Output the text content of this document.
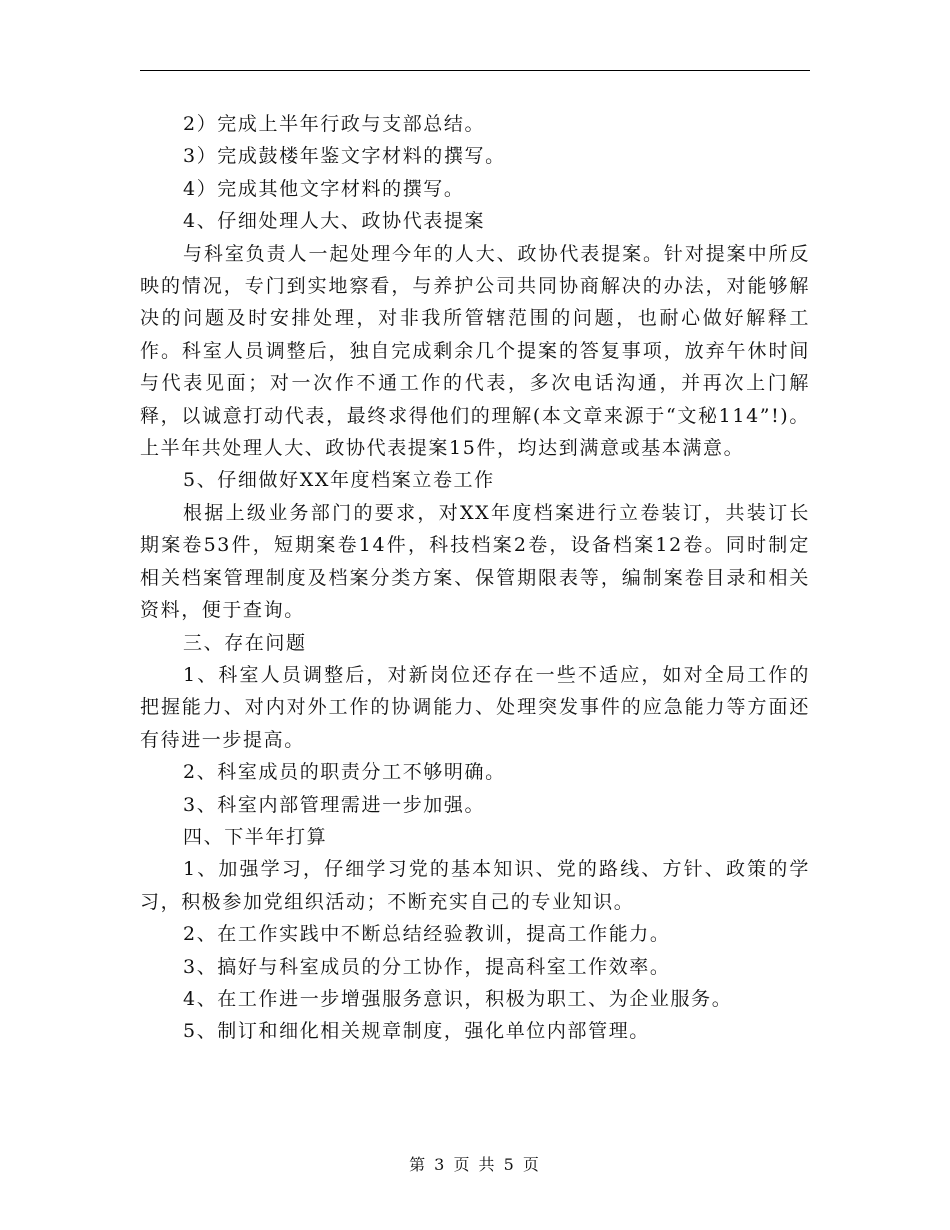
2）完成上半年行政与支部总结。

3）完成鼓楼年鉴文字材料的撰写。

4）完成其他文字材料的撰写。

4、仔细处理人大、政协代表提案

与科室负责人一起处理今年的人大、政协代表提案。针对提案中所反映的情况，专门到实地察看，与养护公司共同协商解决的办法，对能够解决的问题及时安排处理，对非我所管辖范围的问题，也耐心做好解释工作。科室人员调整后，独自完成剩余几个提案的答复事项，放弃午休时间与代表见面；对一次作不通工作的代表，多次电话沟通，并再次上门解释，以诚意打动代表，最终求得他们的理解(本文章来源于“文秘114”!)。上半年共处理人大、政协代表提案15件，均达到满意或基本满意。

5、仔细做好XX年度档案立卷工作

根据上级业务部门的要求，对XX年度档案进行立卷装订，共装订长期案卷53件，短期案卷14件，科技档案2卷，设备档案12卷。同时制定相关档案管理制度及档案分类方案、保管期限表等，编制案卷目录和相关资料，便于查询。

三、存在问题

1、科室人员调整后，对新岗位还存在一些不适应，如对全局工作的把握能力、对内对外工作的协调能力、处理突发事件的应急能力等方面还有待进一步提高。

2、科室成员的职责分工不够明确。

3、科室内部管理需进一步加强。

四、下半年打算

1、加强学习，仔细学习党的基本知识、党的路线、方针、政策的学习，积极参加党组织活动；不断充实自己的专业知识。

2、在工作实践中不断总结经验教训，提高工作能力。

3、搞好与科室成员的分工协作，提高科室工作效率。

4、在工作进一步增强服务意识，积极为职工、为企业服务。

5、制订和细化相关规章制度，强化单位内部管理。

第 3 页 共 5 页
